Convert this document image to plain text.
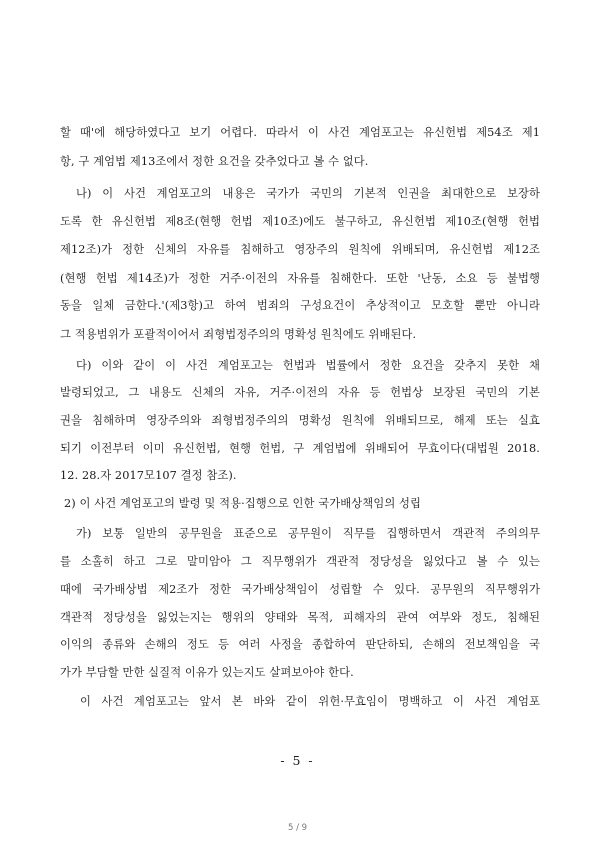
할 때'에 해당하였다고 보기 어렵다. 따라서 이 사건 계엄포고는 유신헌법 제54조 제1
항, 구 계엄법 제13조에서 정한 요건을 갖추었다고 볼 수 없다.
나) 이 사건 계엄포고의 내용은 국가가 국민의 기본적 인권을 최대한으로 보장하
도록 한 유신헌법 제8조(현행 헌법 제10조)에도 불구하고, 유신헌법 제10조(현행 헌법
제12조)가 정한 신체의 자유를 침해하고 영장주의 원칙에 위배되며, 유신헌법 제12조
(현행 헌법 제14조)가 정한 거주·이전의 자유를 침해한다. 또한 '난동, 소요 등 불법행
동을 일체 금한다.'(제3항)고 하여 범죄의 구성요건이 추상적이고 모호할 뿐만 아니라
그 적용범위가 포괄적이어서 죄형법정주의의 명확성 원칙에도 위배된다.
다) 이와 같이 이 사건 계엄포고는 헌법과 법률에서 정한 요건을 갖추지 못한 채
발령되었고, 그 내용도 신체의 자유, 거주·이전의 자유 등 헌법상 보장된 국민의 기본
권을 침해하며 영장주의와 죄형법정주의의 명확성 원칙에 위배되므로, 해제 또는 실효
되기 이전부터 이미 유신헌법, 현행 헌법, 구 계엄법에 위배되어 무효이다(대법원 2018.
12. 28.자 2017모107 결정 참조).
2) 이 사건 계엄포고의 발령 및 적용·집행으로 인한 국가배상책임의 성립
가) 보통 일반의 공무원을 표준으로 공무원이 직무를 집행하면서 객관적 주의의무
를 소홀히 하고 그로 말미암아 그 직무행위가 객관적 정당성을 잃었다고 볼 수 있는
때에 국가배상법 제2조가 정한 국가배상책임이 성립할 수 있다. 공무원의 직무행위가
객관적 정당성을 잃었는지는 행위의 양태와 목적, 피해자의 관여 여부와 정도, 침해된
이익의 종류와 손해의 정도 등 여러 사정을 종합하여 판단하되, 손해의 전보책임을 국
가가 부담할 만한 실질적 이유가 있는지도 살펴보아야 한다.
이 사건 계엄포고는 앞서 본 바와 같이 위헌·무효임이 명백하고 이 사건 계엄포
- 5 -
5 / 9
